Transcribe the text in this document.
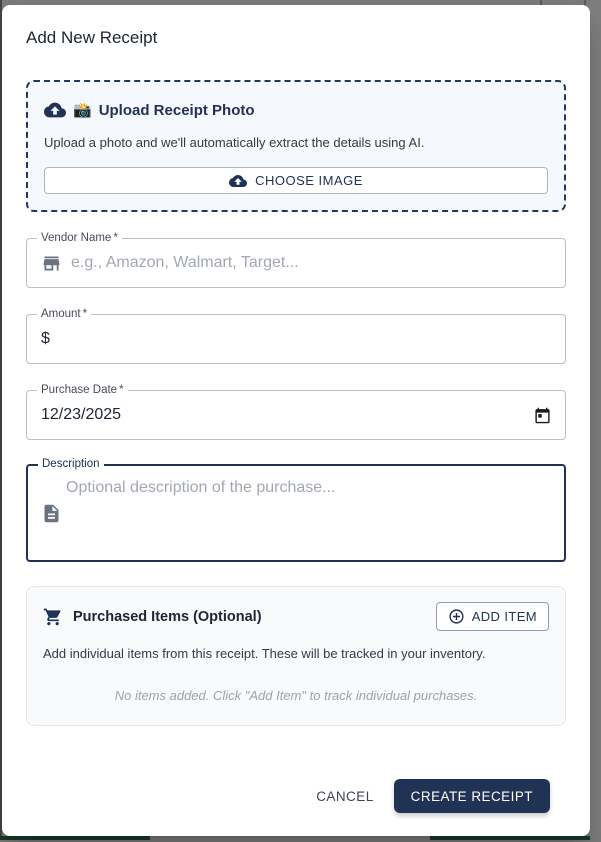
Add New Receipt
📸 Upload Receipt Photo
Upload a photo and we'll automatically extract the details using AI.
CHOOSE IMAGE
Vendor Name *
e.g., Amazon, Walmart, Target...
Amount *
$
Purchase Date *
12/23/2025
Description
Optional description of the purchase...
Purchased Items (Optional)	ADD ITEM
Add individual items from this receipt. These will be tracked in your inventory.
No items added. Click "Add Item" to track individual purchases.
CANCEL	CREATE RECEIPT
